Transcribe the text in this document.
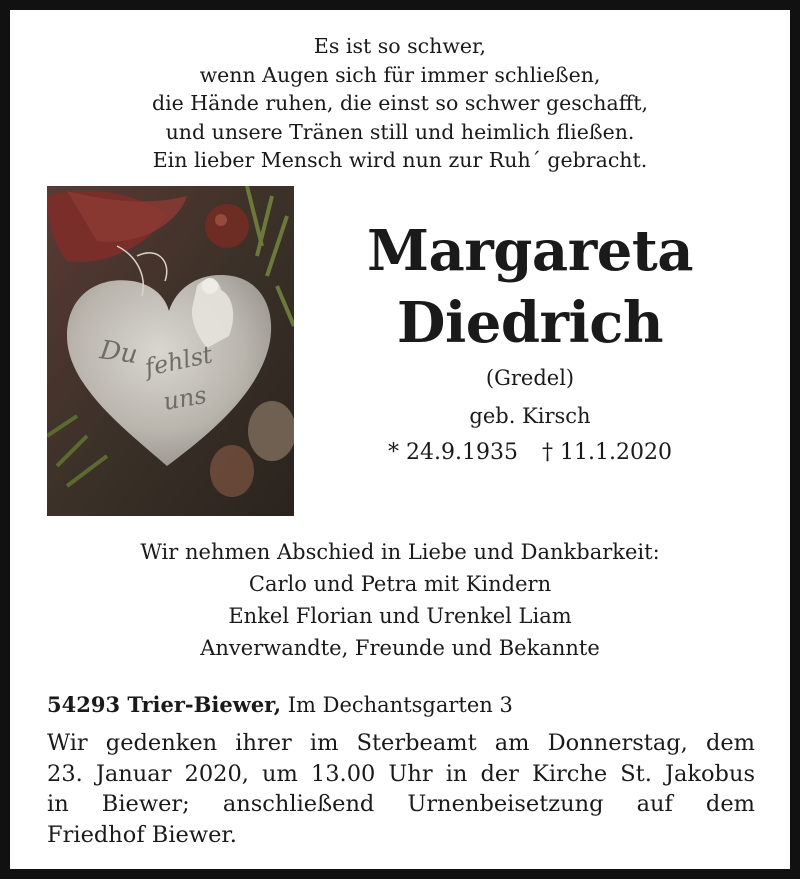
Es ist so schwer,
wenn Augen sich für immer schließen,
die Hände ruhen, die einst so schwer geschafft,
und unsere Tränen still und heimlich fließen.
Ein lieber Mensch wird nun zur Ruh´ gebracht.
Du fehlst
uns
Margareta
Diedrich
(Gredel)
geb. Kirsch
* 24.9.1935 † 11.1.2020
Wir nehmen Abschied in Liebe und Dankbarkeit:
Carlo und Petra mit Kindern
Enkel Florian und Urenkel Liam
Anverwandte, Freunde und Bekannte
54293 Trier-Biewer, Im Dechantsgarten 3
Wir gedenken ihrer im Sterbeamt am Donnerstag, dem
23. Januar 2020, um 13.00 Uhr in der Kirche St. Jakobus
in Biewer; anschließend Urnenbeisetzung auf dem
Friedhof Biewer.
